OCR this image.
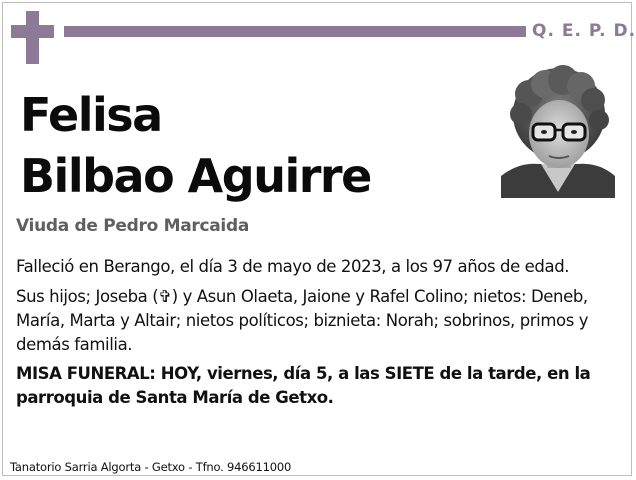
Q. E. P. D.
Felisa
Bilbao Aguirre
Viuda de Pedro Marcaida

Falleció en Berango, el día 3 de mayo de 2023, a los 97 años de edad.

Sus hijos; Joseba (✞) y Asun Olaeta, Jaione y Rafel Colino; nietos: Deneb, María, Marta y Altair; nietos políticos; biznieta: Norah; sobrinos, primos y demás familia.

MISA FUNERAL: HOY, viernes, día 5, a las SIETE de la tarde, en la parroquia de Santa María de Getxo.

Tanatorio Sarria Algorta - Getxo - Tfno. 946611000
